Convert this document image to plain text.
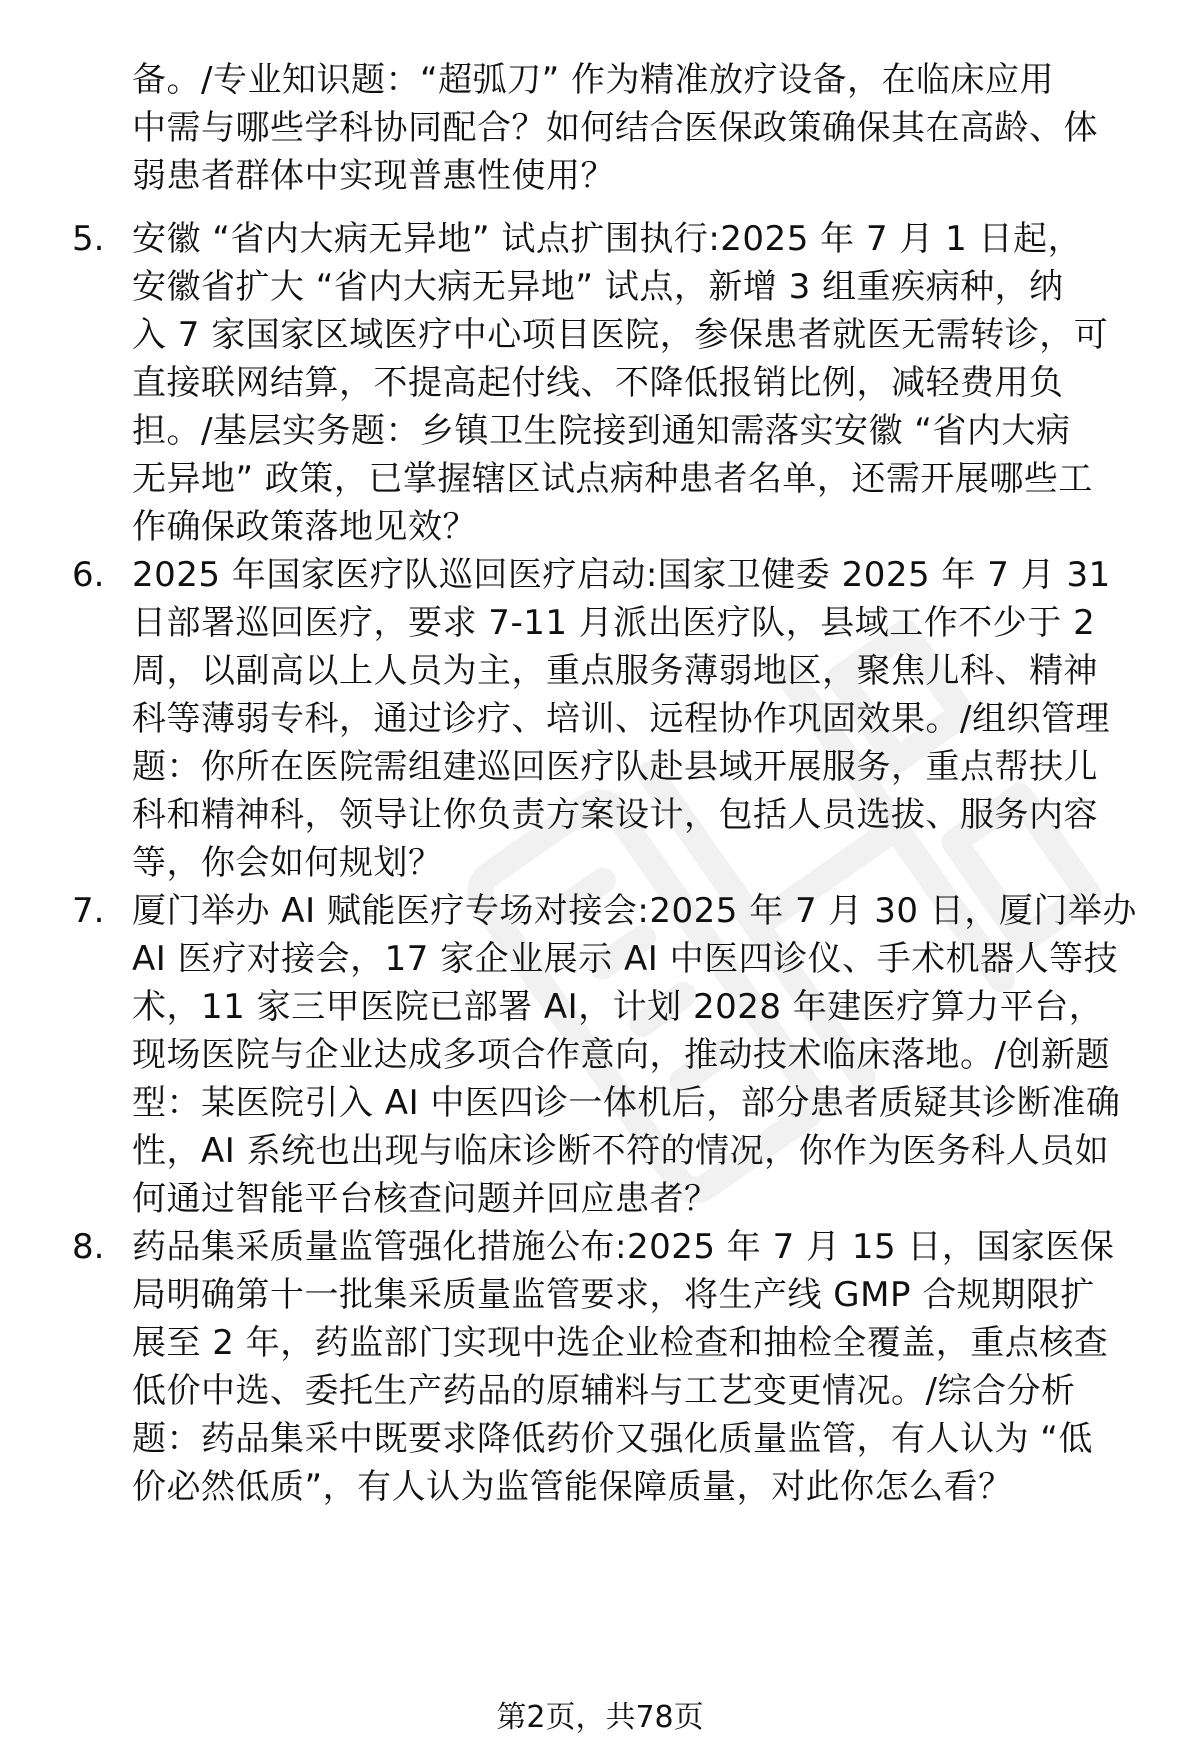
备。/专业知识题：“超弧刀” 作为精准放疗设备，在临床应用
中需与哪些学科协同配合？如何结合医保政策确保其在高龄、体
弱患者群体中实现普惠性使用？
5. 安徽 “省内大病无异地” 试点扩围执行:2025 年 7 月 1 日起，
安徽省扩大 “省内大病无异地” 试点，新增 3 组重疾病种，纳
入 7 家国家区域医疗中心项目医院，参保患者就医无需转诊，可
直接联网结算，不提高起付线、不降低报销比例，减轻费用负
担。/基层实务题：乡镇卫生院接到通知需落实安徽 “省内大病
无异地” 政策，已掌握辖区试点病种患者名单，还需开展哪些工
作确保政策落地见效？
6. 2025 年国家医疗队巡回医疗启动:国家卫健委 2025 年 7 月 31
日部署巡回医疗，要求 7-11 月派出医疗队，县域工作不少于 2
周，以副高以上人员为主，重点服务薄弱地区，聚焦儿科、精神
科等薄弱专科，通过诊疗、培训、远程协作巩固效果。/组织管理
题：你所在医院需组建巡回医疗队赴县域开展服务，重点帮扶儿
科和精神科，领导让你负责方案设计，包括人员选拔、服务内容
等，你会如何规划？
7. 厦门举办 AI 赋能医疗专场对接会:2025 年 7 月 30 日，厦门举办
AI 医疗对接会，17 家企业展示 AI 中医四诊仪、手术机器人等技
术，11 家三甲医院已部署 AI，计划 2028 年建医疗算力平台，
现场医院与企业达成多项合作意向，推动技术临床落地。/创新题
型：某医院引入 AI 中医四诊一体机后，部分患者质疑其诊断准确
性，AI 系统也出现与临床诊断不符的情况，你作为医务科人员如
何通过智能平台核查问题并回应患者？
8. 药品集采质量监管强化措施公布:2025 年 7 月 15 日，国家医保
局明确第十一批集采质量监管要求，将生产线 GMP 合规期限扩
展至 2 年，药监部门实现中选企业检查和抽检全覆盖，重点核查
低价中选、委托生产药品的原辅料与工艺变更情况。/综合分析
题：药品集采中既要求降低药价又强化质量监管，有人认为 “低
价必然低质”，有人认为监管能保障质量，对此你怎么看？
第2页，共78页
